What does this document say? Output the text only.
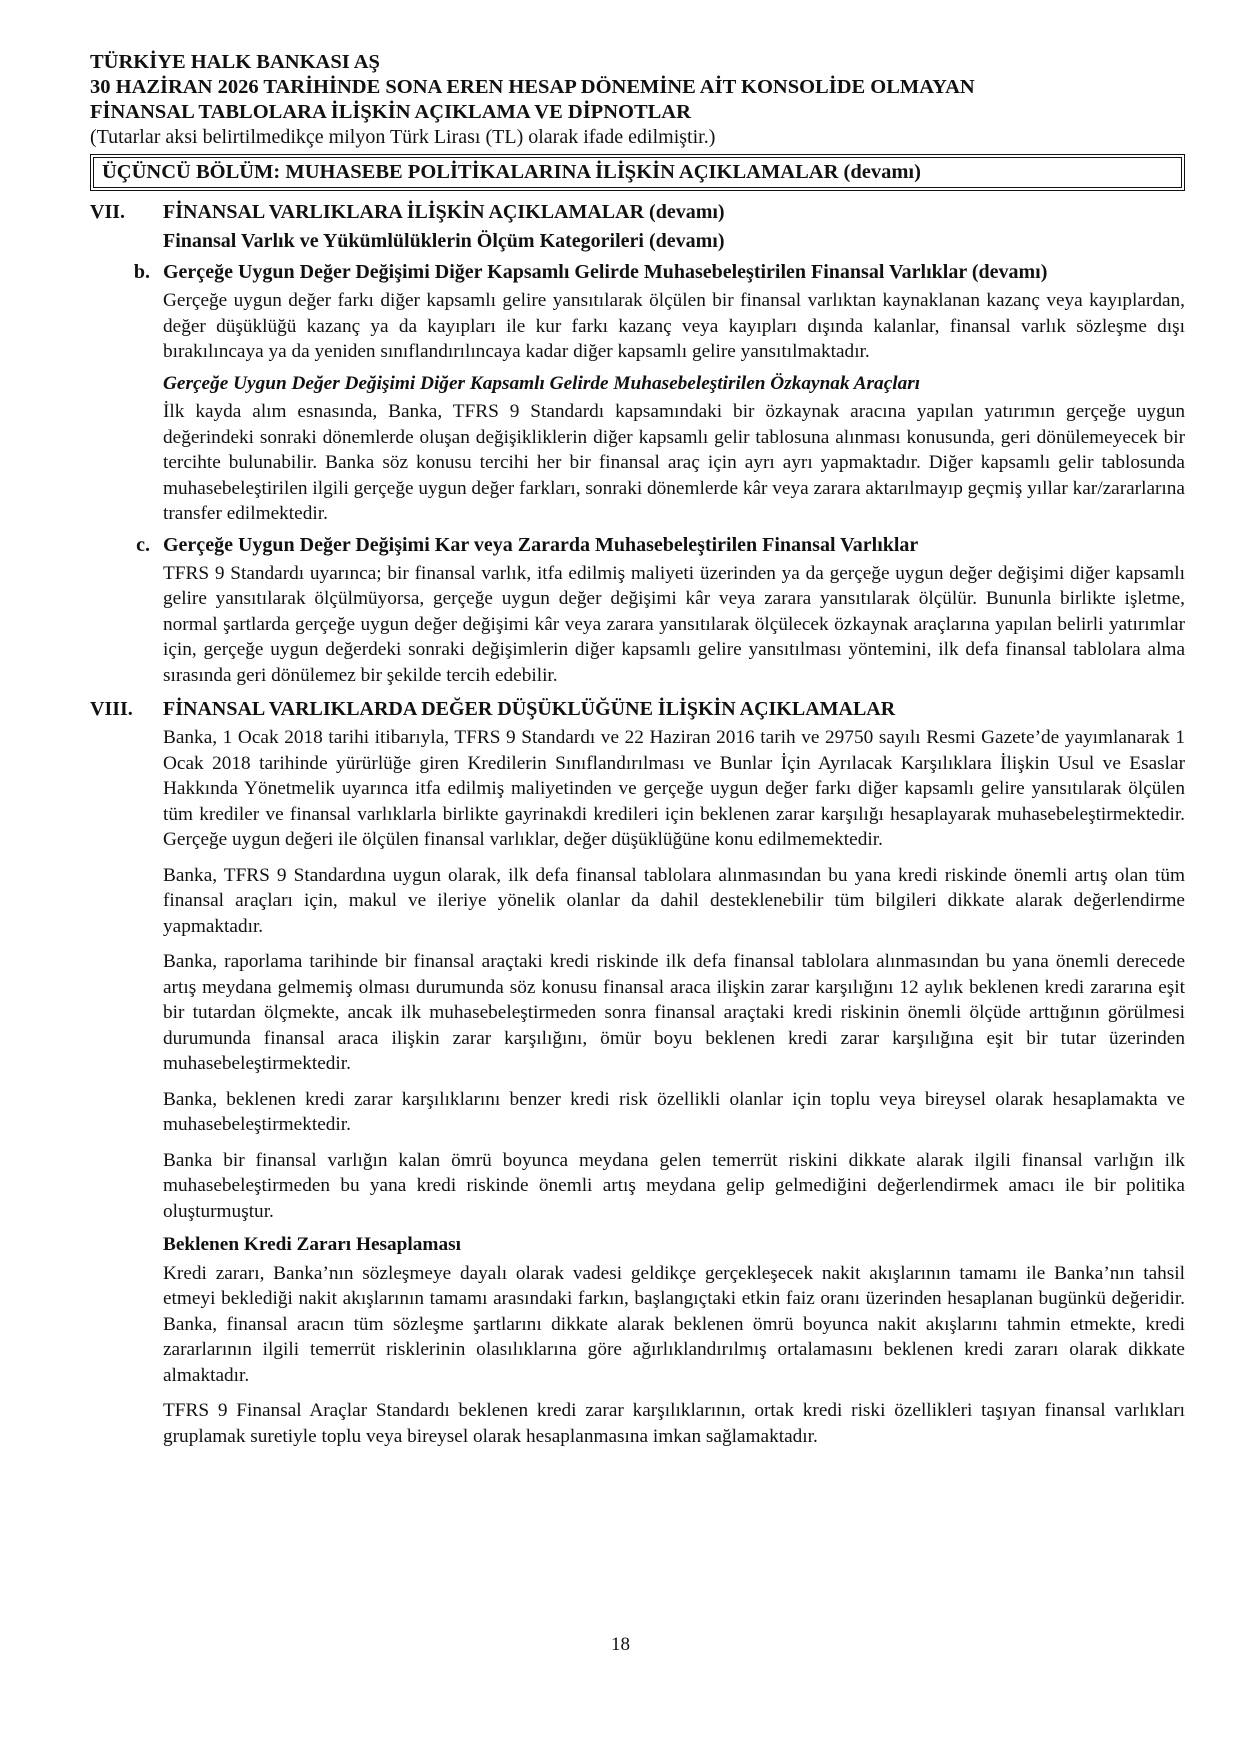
TÜRKİYE HALK BANKASI AŞ
30 HAZİRAN 2026 TARİHİNDE SONA EREN HESAP DÖNEMİNE AİT KONSOLİDE OLMAYAN
FİNANSAL TABLOLARA İLİŞKİN AÇIKLAMA VE DİPNOTLAR
(Tutarlar aksi belirtilmedikçe milyon Türk Lirası (TL) olarak ifade edilmiştir.)
ÜÇÜNCÜ BÖLÜM: MUHASEBE POLİTİKALARINA İLİŞKİN AÇIKLAMALAR (devamı)
VII.	FİNANSAL VARLIKLARA İLİŞKİN AÇIKLAMALAR (devamı)
Finansal Varlık ve Yükümlülüklerin Ölçüm Kategorileri (devamı)
b. Gerçeğe Uygun Değer Değişimi Diğer Kapsamlı Gelirde Muhasebeleştirilen Finansal Varlıklar (devamı)
Gerçeğe uygun değer farkı diğer kapsamlı gelire yansıtılarak ölçülen bir finansal varlıktan kaynaklanan kazanç veya kayıplardan, değer düşüklüğü kazanç ya da kayıpları ile kur farkı kazanç veya kayıpları dışında kalanlar, finansal varlık sözleşme dışı bırakılıncaya ya da yeniden sınıflandırılıncaya kadar diğer kapsamlı gelire yansıtılmaktadır.
Gerçeğe Uygun Değer Değişimi Diğer Kapsamlı Gelirde Muhasebeleştirilen Özkaynak Araçları
İlk kayda alım esnasında, Banka, TFRS 9 Standardı kapsamındaki bir özkaynak aracına yapılan yatırımın gerçeğe uygun değerindeki sonraki dönemlerde oluşan değişikliklerin diğer kapsamlı gelir tablosuna alınması konusunda, geri dönülemeyecek bir tercihte bulunabilir. Banka söz konusu tercihi her bir finansal araç için ayrı ayrı yapmaktadır. Diğer kapsamlı gelir tablosunda muhasebeleştirilen ilgili gerçeğe uygun değer farkları, sonraki dönemlerde kâr veya zarara aktarılmayıp geçmiş yıllar kar/zararlarına transfer edilmektedir.
c. Gerçeğe Uygun Değer Değişimi Kar veya Zararda Muhasebeleştirilen Finansal Varlıklar
TFRS 9 Standardı uyarınca; bir finansal varlık, itfa edilmiş maliyeti üzerinden ya da gerçeğe uygun değer değişimi diğer kapsamlı gelire yansıtılarak ölçülmüyorsa, gerçeğe uygun değer değişimi kâr veya zarara yansıtılarak ölçülür. Bununla birlikte işletme, normal şartlarda gerçeğe uygun değer değişimi kâr veya zarara yansıtılarak ölçülecek özkaynak araçlarına yapılan belirli yatırımlar için, gerçeğe uygun değerdeki sonraki değişimlerin diğer kapsamlı gelire yansıtılması yöntemini, ilk defa finansal tablolara alma sırasında geri dönülemez bir şekilde tercih edebilir.
VIII.	FİNANSAL VARLIKLARDA DEĞER DÜŞÜKLÜĞÜNE İLİŞKİN AÇIKLAMALAR
Banka, 1 Ocak 2018 tarihi itibarıyla, TFRS 9 Standardı ve 22 Haziran 2016 tarih ve 29750 sayılı Resmi Gazete’de yayımlanarak 1 Ocak 2018 tarihinde yürürlüğe giren Kredilerin Sınıflandırılması ve Bunlar İçin Ayrılacak Karşılıklara İlişkin Usul ve Esaslar Hakkında Yönetmelik uyarınca itfa edilmiş maliyetinden ve gerçeğe uygun değer farkı diğer kapsamlı gelire yansıtılarak ölçülen tüm krediler ve finansal varlıklarla birlikte gayrinakdi kredileri için beklenen zarar karşılığı hesaplayarak muhasebeleştirmektedir. Gerçeğe uygun değeri ile ölçülen finansal varlıklar, değer düşüklüğüne konu edilmemektedir.
Banka, TFRS 9 Standardına uygun olarak, ilk defa finansal tablolara alınmasından bu yana kredi riskinde önemli artış olan tüm finansal araçları için, makul ve ileriye yönelik olanlar da dahil desteklenebilir tüm bilgileri dikkate alarak değerlendirme yapmaktadır.
Banka, raporlama tarihinde bir finansal araçtaki kredi riskinde ilk defa finansal tablolara alınmasından bu yana önemli derecede artış meydana gelmemiş olması durumunda söz konusu finansal araca ilişkin zarar karşılığını 12 aylık beklenen kredi zararına eşit bir tutardan ölçmekte, ancak ilk muhasebeleştirmeden sonra finansal araçtaki kredi riskinin önemli ölçüde arttığının görülmesi durumunda finansal araca ilişkin zarar karşılığını, ömür boyu beklenen kredi zarar karşılığına eşit bir tutar üzerinden muhasebeleştirmektedir.
Banka, beklenen kredi zarar karşılıklarını benzer kredi risk özellikli olanlar için toplu veya bireysel olarak hesaplamakta ve muhasebeleştirmektedir.
Banka bir finansal varlığın kalan ömrü boyunca meydana gelen temerrüt riskini dikkate alarak ilgili finansal varlığın ilk muhasebeleştirmeden bu yana kredi riskinde önemli artış meydana gelip gelmediğini değerlendirmek amacı ile bir politika oluşturmuştur.
Beklenen Kredi Zararı Hesaplaması
Kredi zararı, Banka’nın sözleşmeye dayalı olarak vadesi geldikçe gerçekleşecek nakit akışlarının tamamı ile Banka’nın tahsil etmeyi beklediği nakit akışlarının tamamı arasındaki farkın, başlangıçtaki etkin faiz oranı üzerinden hesaplanan bugünkü değeridir. Banka, finansal aracın tüm sözleşme şartlarını dikkate alarak beklenen ömrü boyunca nakit akışlarını tahmin etmekte, kredi zararlarının ilgili temerrüt risklerinin olasılıklarına göre ağırlıklandırılmış ortalamasını beklenen kredi zararı olarak dikkate almaktadır.
TFRS 9 Finansal Araçlar Standardı beklenen kredi zarar karşılıklarının, ortak kredi riski özellikleri taşıyan finansal varlıkları gruplamak suretiyle toplu veya bireysel olarak hesaplanmasına imkan sağlamaktadır.
18
